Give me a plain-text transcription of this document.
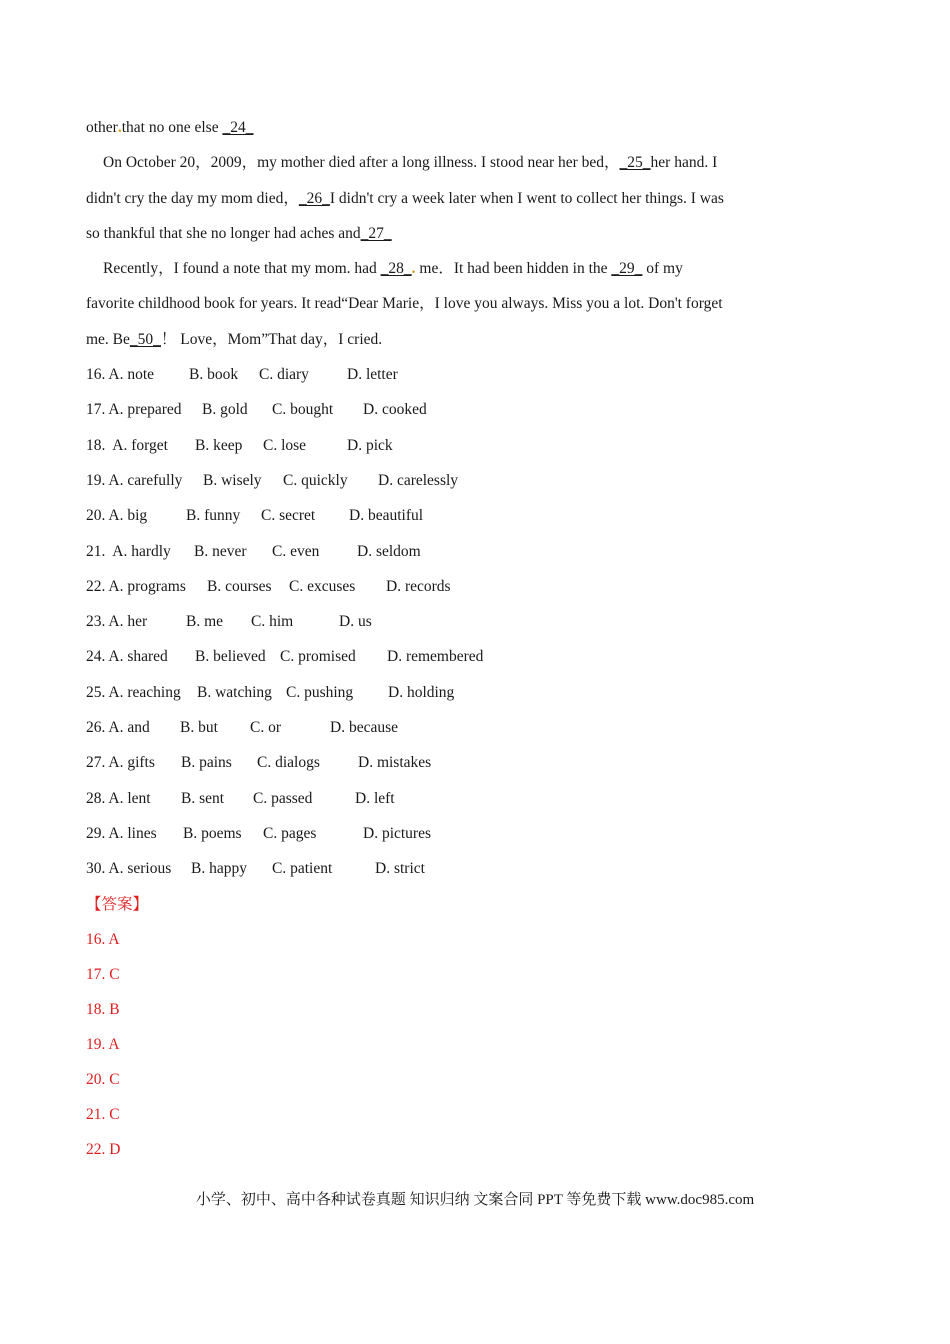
other.that no one else _24_
On October 20，2009，my mother died after a long illness. I stood near her bed，_25_her hand. I
didn't cry the day my mom died，_26_I didn't cry a week later when I went to collect her things. I was
so thankful that she no longer had aches and_27_
Recently，I found a note that my mom. had _28_. me．It had been hidden in the _29_ of my
favorite childhood book for years. It read“Dear Marie，I love you always. Miss you a lot. Don't forget
me. Be_50_！ Love，Mom”That day，I cried.
16. A. note	B. book	C. diary	D. letter
17. A. prepared	B. gold	C. bought	D. cooked
18.  A. forget	B. keep	C. lose	D. pick
19. A. carefully	B. wisely	C. quickly	D. carelessly
20. A. big	B. funny	C. secret	D. beautiful
21.  A. hardly	B. never	C. even	D. seldom
22. A. programs	B. courses	C. excuses	D. records
23. A. her	B. me	C. him	D. us
24. A. shared	B. believed C. promised	D. remembered
25. A. reaching	B. watching C. pushing	D. holding
26. A. and	B. but	C. or	D. because
27. A. gifts	B. pains	C. dialogs	D. mistakes
28. A. lent	B. sent	C. passed	D. left
29. A. lines	B. poems	C. pages	D. pictures
30. A. serious	B. happy	C. patient	D. strict
【答案】
16. A
17. C
18. B
19. A
20. C
21. C
22. D
小学、初中、高中各种试卷真题 知识归纳 文案合同 PPT 等免费下载 www.doc985.com
